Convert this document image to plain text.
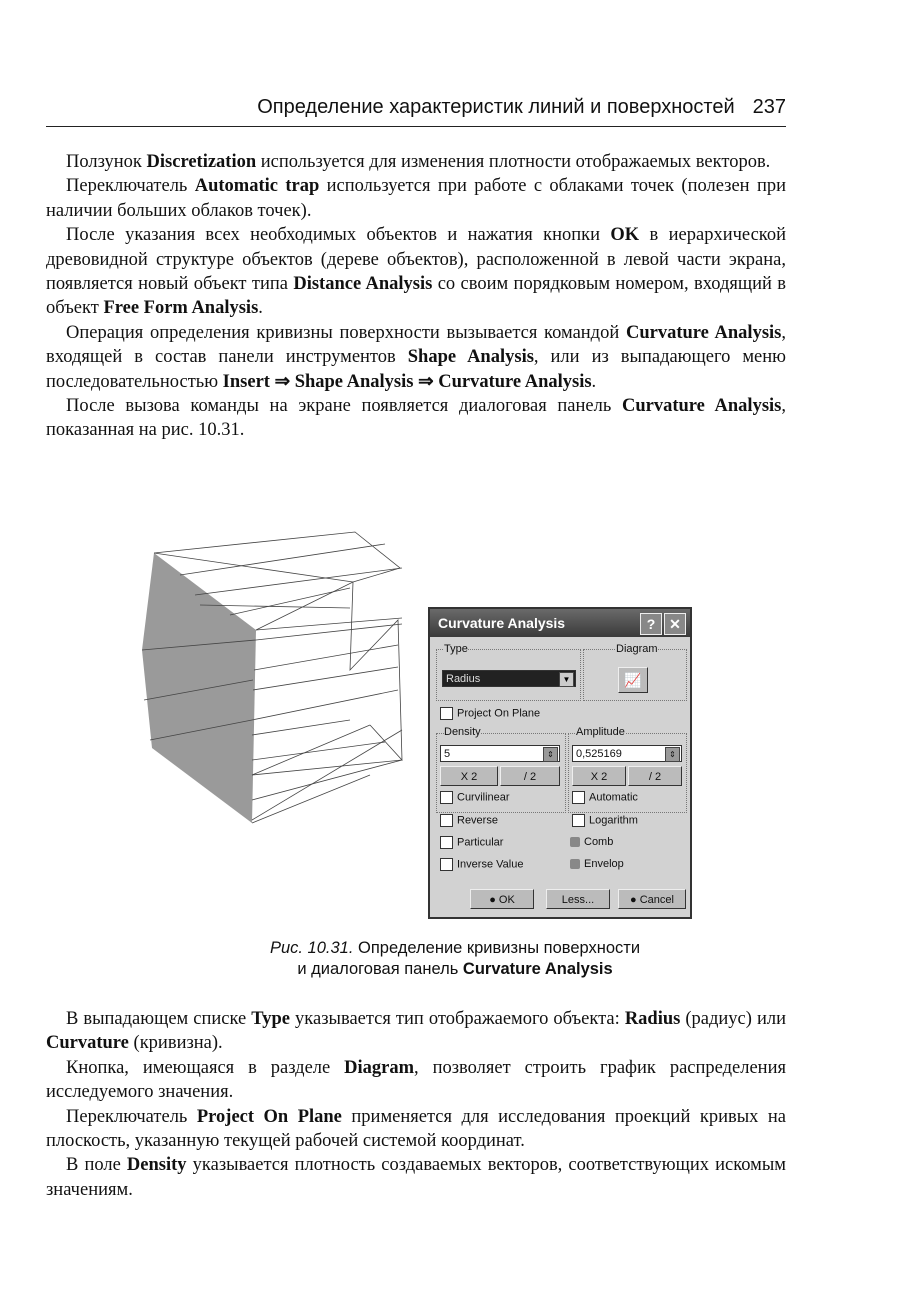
Определение характеристик линий и поверхностей 237

Ползунок Discretization используется для изменения плотности отображаемых векторов.

Переключатель Automatic trap используется при работе с облаками точек (полезен при наличии больших облаков точек).

После указания всех необходимых объектов и нажатия кнопки OK в иерархической древовидной структуре объектов (дереве объектов), расположенной в левой части экрана, появляется новый объект типа Distance Analysis со своим порядковым номером, входящий в объект Free Form Analysis.

Операция определения кривизны поверхности вызывается командой Curvature Analysis, входящей в состав панели инструментов Shape Analysis, или из выпадающего меню последовательностью Insert ⇒ Shape Analysis ⇒ Curvature Analysis.

После вызова команды на экране появляется диалоговая панель Curvature Analysis, показанная на рис. 10.31.

Curvature Analysis	? ✕
Type
Radius	▼
Diagram
📈
Project On Plane
Density
5	⇕
X 2	/ 2
Amplitude
0,525169	⇕
X 2	/ 2
Curvilinear	Automatic
Reverse	Logarithm
Particular	Comb
Inverse Value	Envelop
● OK	Less...	● Cancel
Рис. 10.31. Определение кривизны поверхности
и диалоговая панель Curvature Analysis

В выпадающем списке Type указывается тип отображаемого объекта: Radius (радиус) или Curvature (кривизна).

Кнопка, имеющаяся в разделе Diagram, позволяет строить график распределения исследуемого значения.

Переключатель Project On Plane применяется для исследования проекций кривых на плоскость, указанную текущей рабочей системой координат.

В поле Density указывается плотность создаваемых векторов, соответствующих искомым значениям.
